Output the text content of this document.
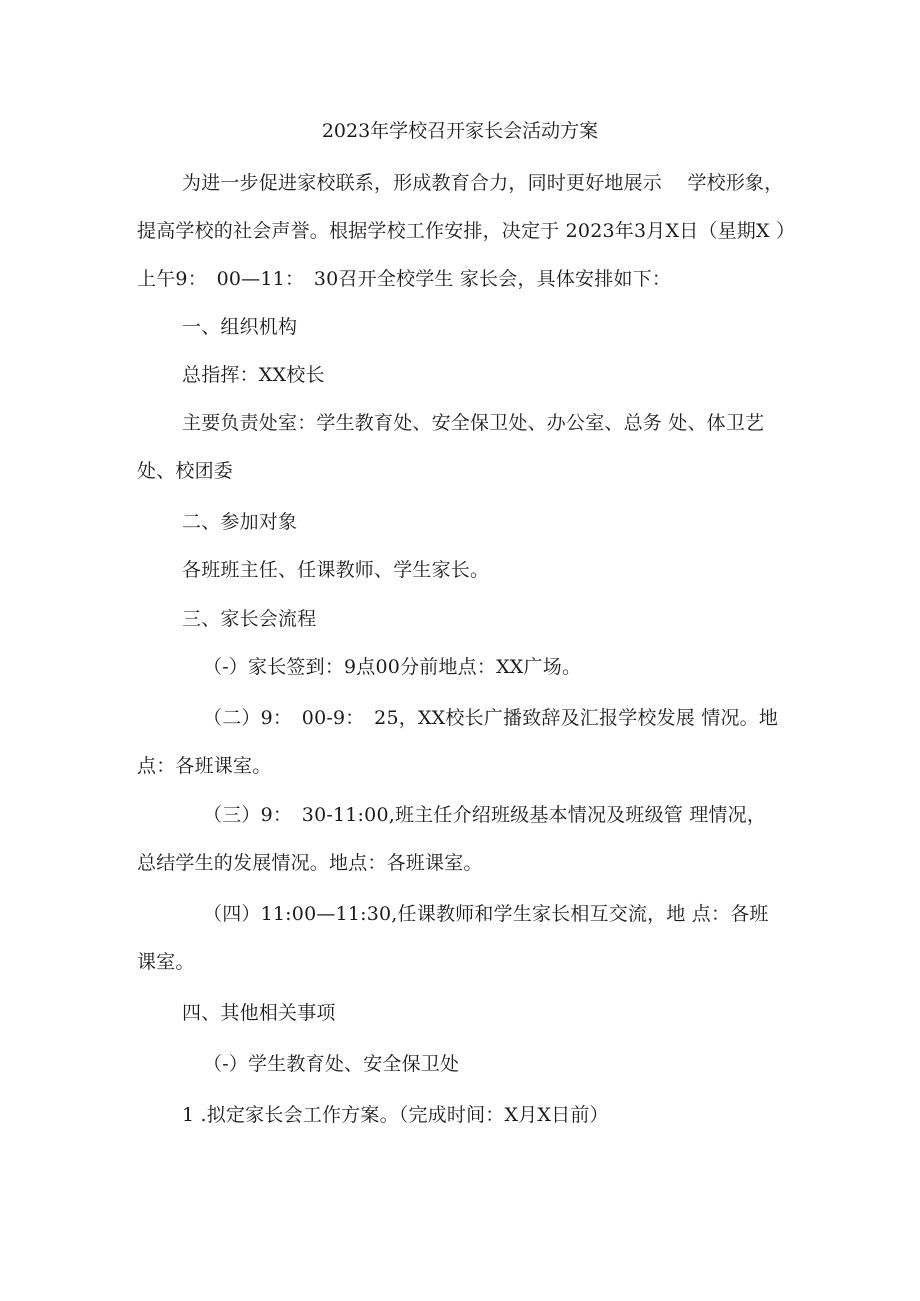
2023年学校召开家长会活动方案
为进一步促进家校联系，形成教育合力，同时更好地展示　 学校形象，
提高学校的社会声誉。根据学校工作安排，决定于 2023年3月X日（星期X ）
上午9：　00—11：　30召开全校学生 家长会，具体安排如下：
一、组织机构
总指挥：XX校长
主要负责处室：学生教育处、安全保卫处、办公室、总务 处、体卫艺
处、校团委
二、参加对象
各班班主任、任课教师、学生家长。
三、家长会流程
（-）家长签到：9点00分前地点：XX广场。
（二）9：　00-9：　25，XX校长广播致辞及汇报学校发展 情况。地
点：各班课室。
（三）9：　30-11:00,班主任介绍班级基本情况及班级管 理情况，
总结学生的发展情况。地点：各班课室。
（四）11:00—11:30,任课教师和学生家长相互交流，地 点：各班
课室。
四、其他相关事项
（-）学生教育处、安全保卫处
1 .拟定家长会工作方案。（完成时间：X月X日前）
